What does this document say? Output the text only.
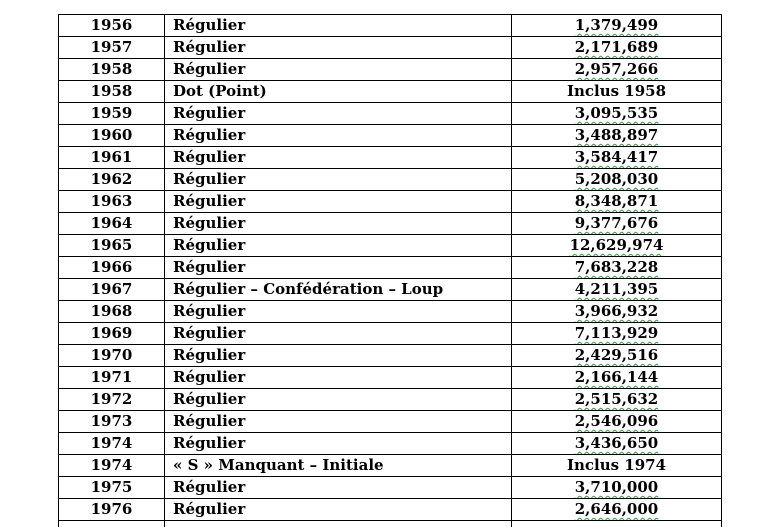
1956	Régulier	1,379,499
1957	Régulier	2,171,689
1958	Régulier	2,957,266
1958	Dot (Point)	Inclus 1958
1959	Régulier	3,095,535
1960	Régulier	3,488,897
1961	Régulier	3,584,417
1962	Régulier	5,208,030
1963	Régulier	8,348,871
1964	Régulier	9,377,676
1965	Régulier	12,629,974
1966	Régulier	7,683,228
1967	Régulier – Confédération – Loup	4,211,395
1968	Régulier	3,966,932
1969	Régulier	7,113,929
1970	Régulier	2,429,516
1971	Régulier	2,166,144
1972	Régulier	2,515,632
1973	Régulier	2,546,096
1974	Régulier	3,436,650
1974	« S » Manquant – Initiale	Inclus 1974
1975	Régulier	3,710,000
1976	Régulier	2,646,000
